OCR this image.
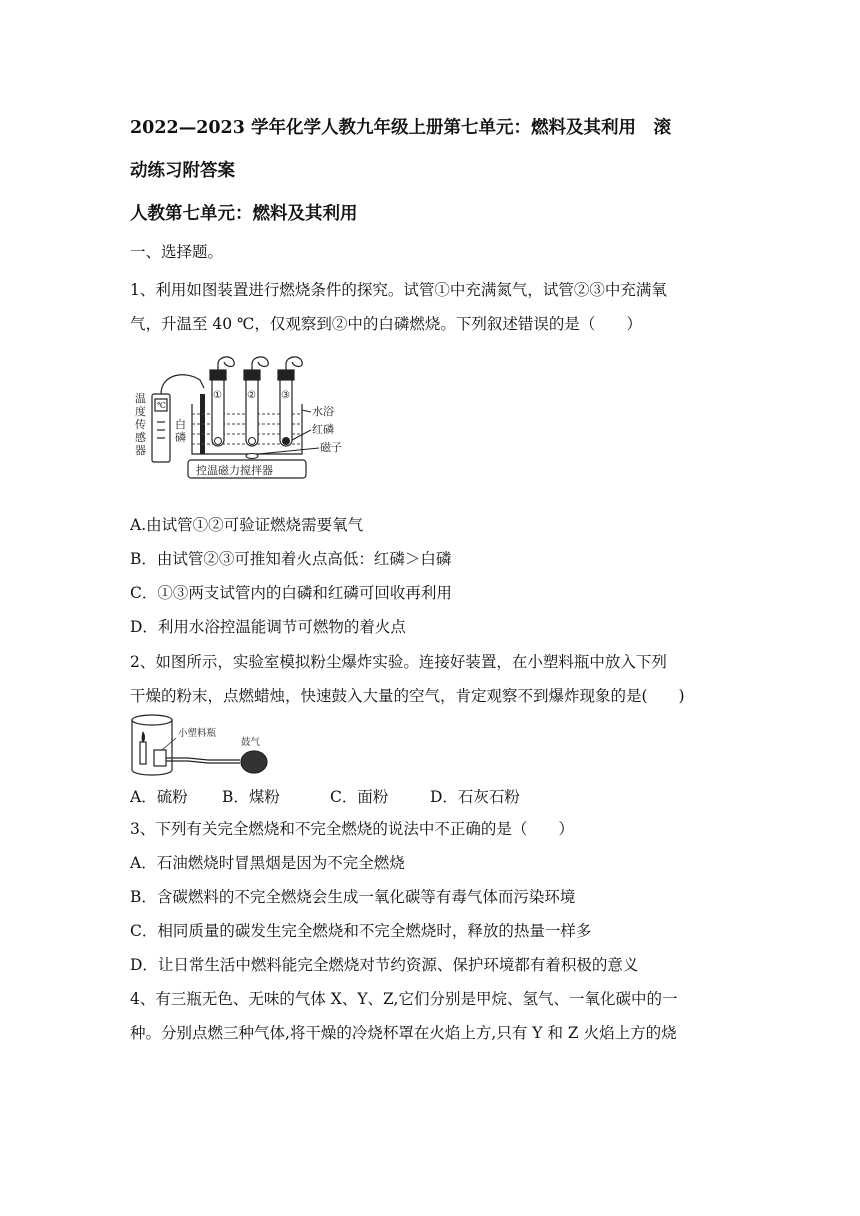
2022—2023 学年化学人教九年级上册第七单元：燃料及其利用　滚
动练习附答案
人教第七单元：燃料及其利用
一、选择题。
1、利用如图装置进行燃烧条件的探究。试管①中充满氮气，试管②③中充满氧
气，升温至 40 ℃，仅观察到②中的白磷燃烧。下列叙述错误的是（　　）
℃
温
度
传
感
器
①	②	③
白
磷
水浴
红磷
磁子
控温磁力搅拌器
A.由试管①②可验证燃烧需要氧气
B．由试管②③可推知着火点高低：红磷＞白磷
C．①③两支试管内的白磷和红磷可回收再利用
D．利用水浴控温能调节可燃物的着火点
2、如图所示，实验室模拟粉尘爆炸实验。连接好装置，在小塑料瓶中放入下列
干燥的粉末，点燃蜡烛，快速鼓入大量的空气，肯定观察不到爆炸现象的是(　　)
小塑料瓶
鼓气
A．硫粉 B．煤粉	C．面粉	D．石灰石粉
3、下列有关完全燃烧和不完全燃烧的说法中不正确的是（　　）
A．石油燃烧时冒黑烟是因为不完全燃烧
B．含碳燃料的不完全燃烧会生成一氧化碳等有毒气体而污染环境
C．相同质量的碳发生完全燃烧和不完全燃烧时，释放的热量一样多
D．让日常生活中燃料能完全燃烧对节约资源、保护环境都有着积极的意义
4、有三瓶无色、无味的气体 X、Y、Z,它们分别是甲烷、氢气、一氧化碳中的一
种。分别点燃三种气体,将干燥的冷烧杯罩在火焰上方,只有 Y 和 Z 火焰上方的烧
